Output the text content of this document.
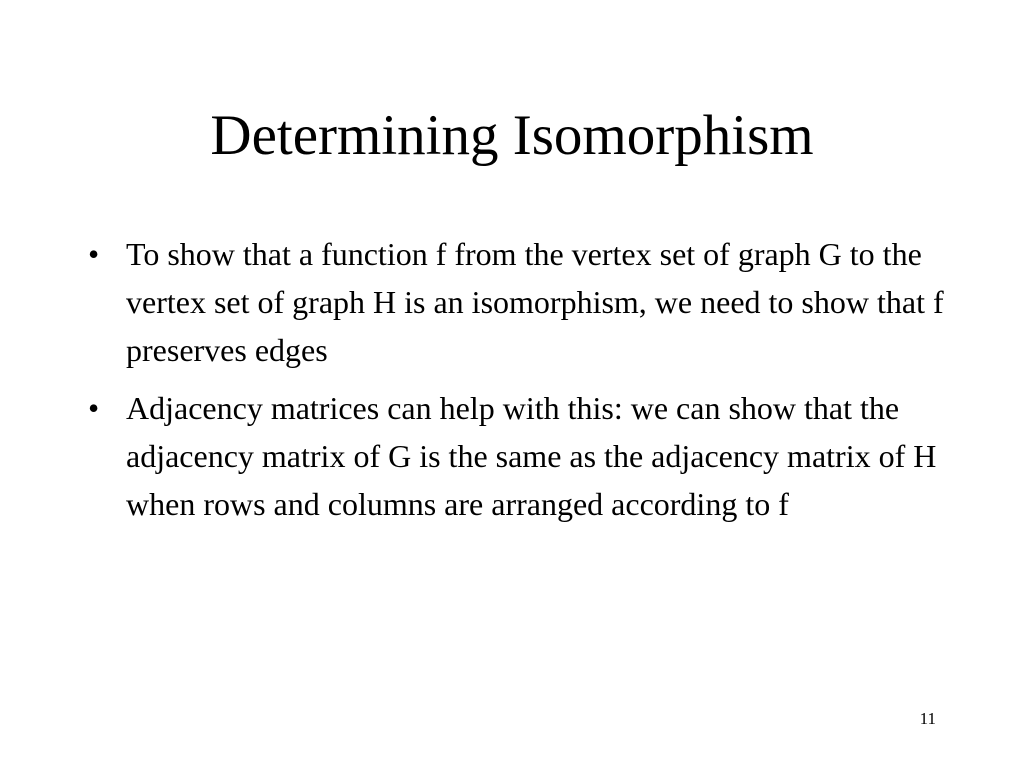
Determining Isomorphism
• To show that a function f from the vertex set of graph G to the vertex set of graph H is an isomorphism, we need to show that f preserves edges
• Adjacency matrices can help with this: we can show that the adjacency matrix of G is the same as the adjacency matrix of H when rows and columns are arranged according to f
11
